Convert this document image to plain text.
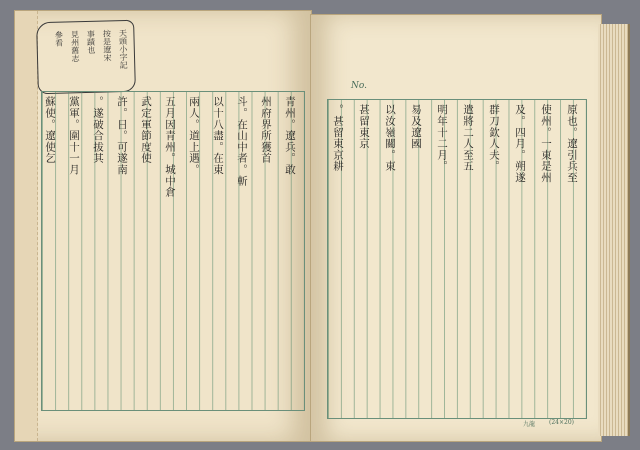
天頭小字記
按是遼宋
事蹟也
見州舊志
參看
蘇使。遼使乞 黨軍。圍十一月 。遂破合拔其 許。日。可遂南 武定軍節度使 五月因青州。城中倉 兩人。道上遇。 以十八盡。在東 斗。在山中者。斬 州府界所獲首 青州。遼兵。敢
No.
。甚留東京耕 甚留東京 以汝嶺關。東 易及遼國 明年十二月。 遣將二人至五 群刀欽人夫。 及。四月。朔遂 使州。一東是州 原也。遼引兵至
(24×20)
九龍
